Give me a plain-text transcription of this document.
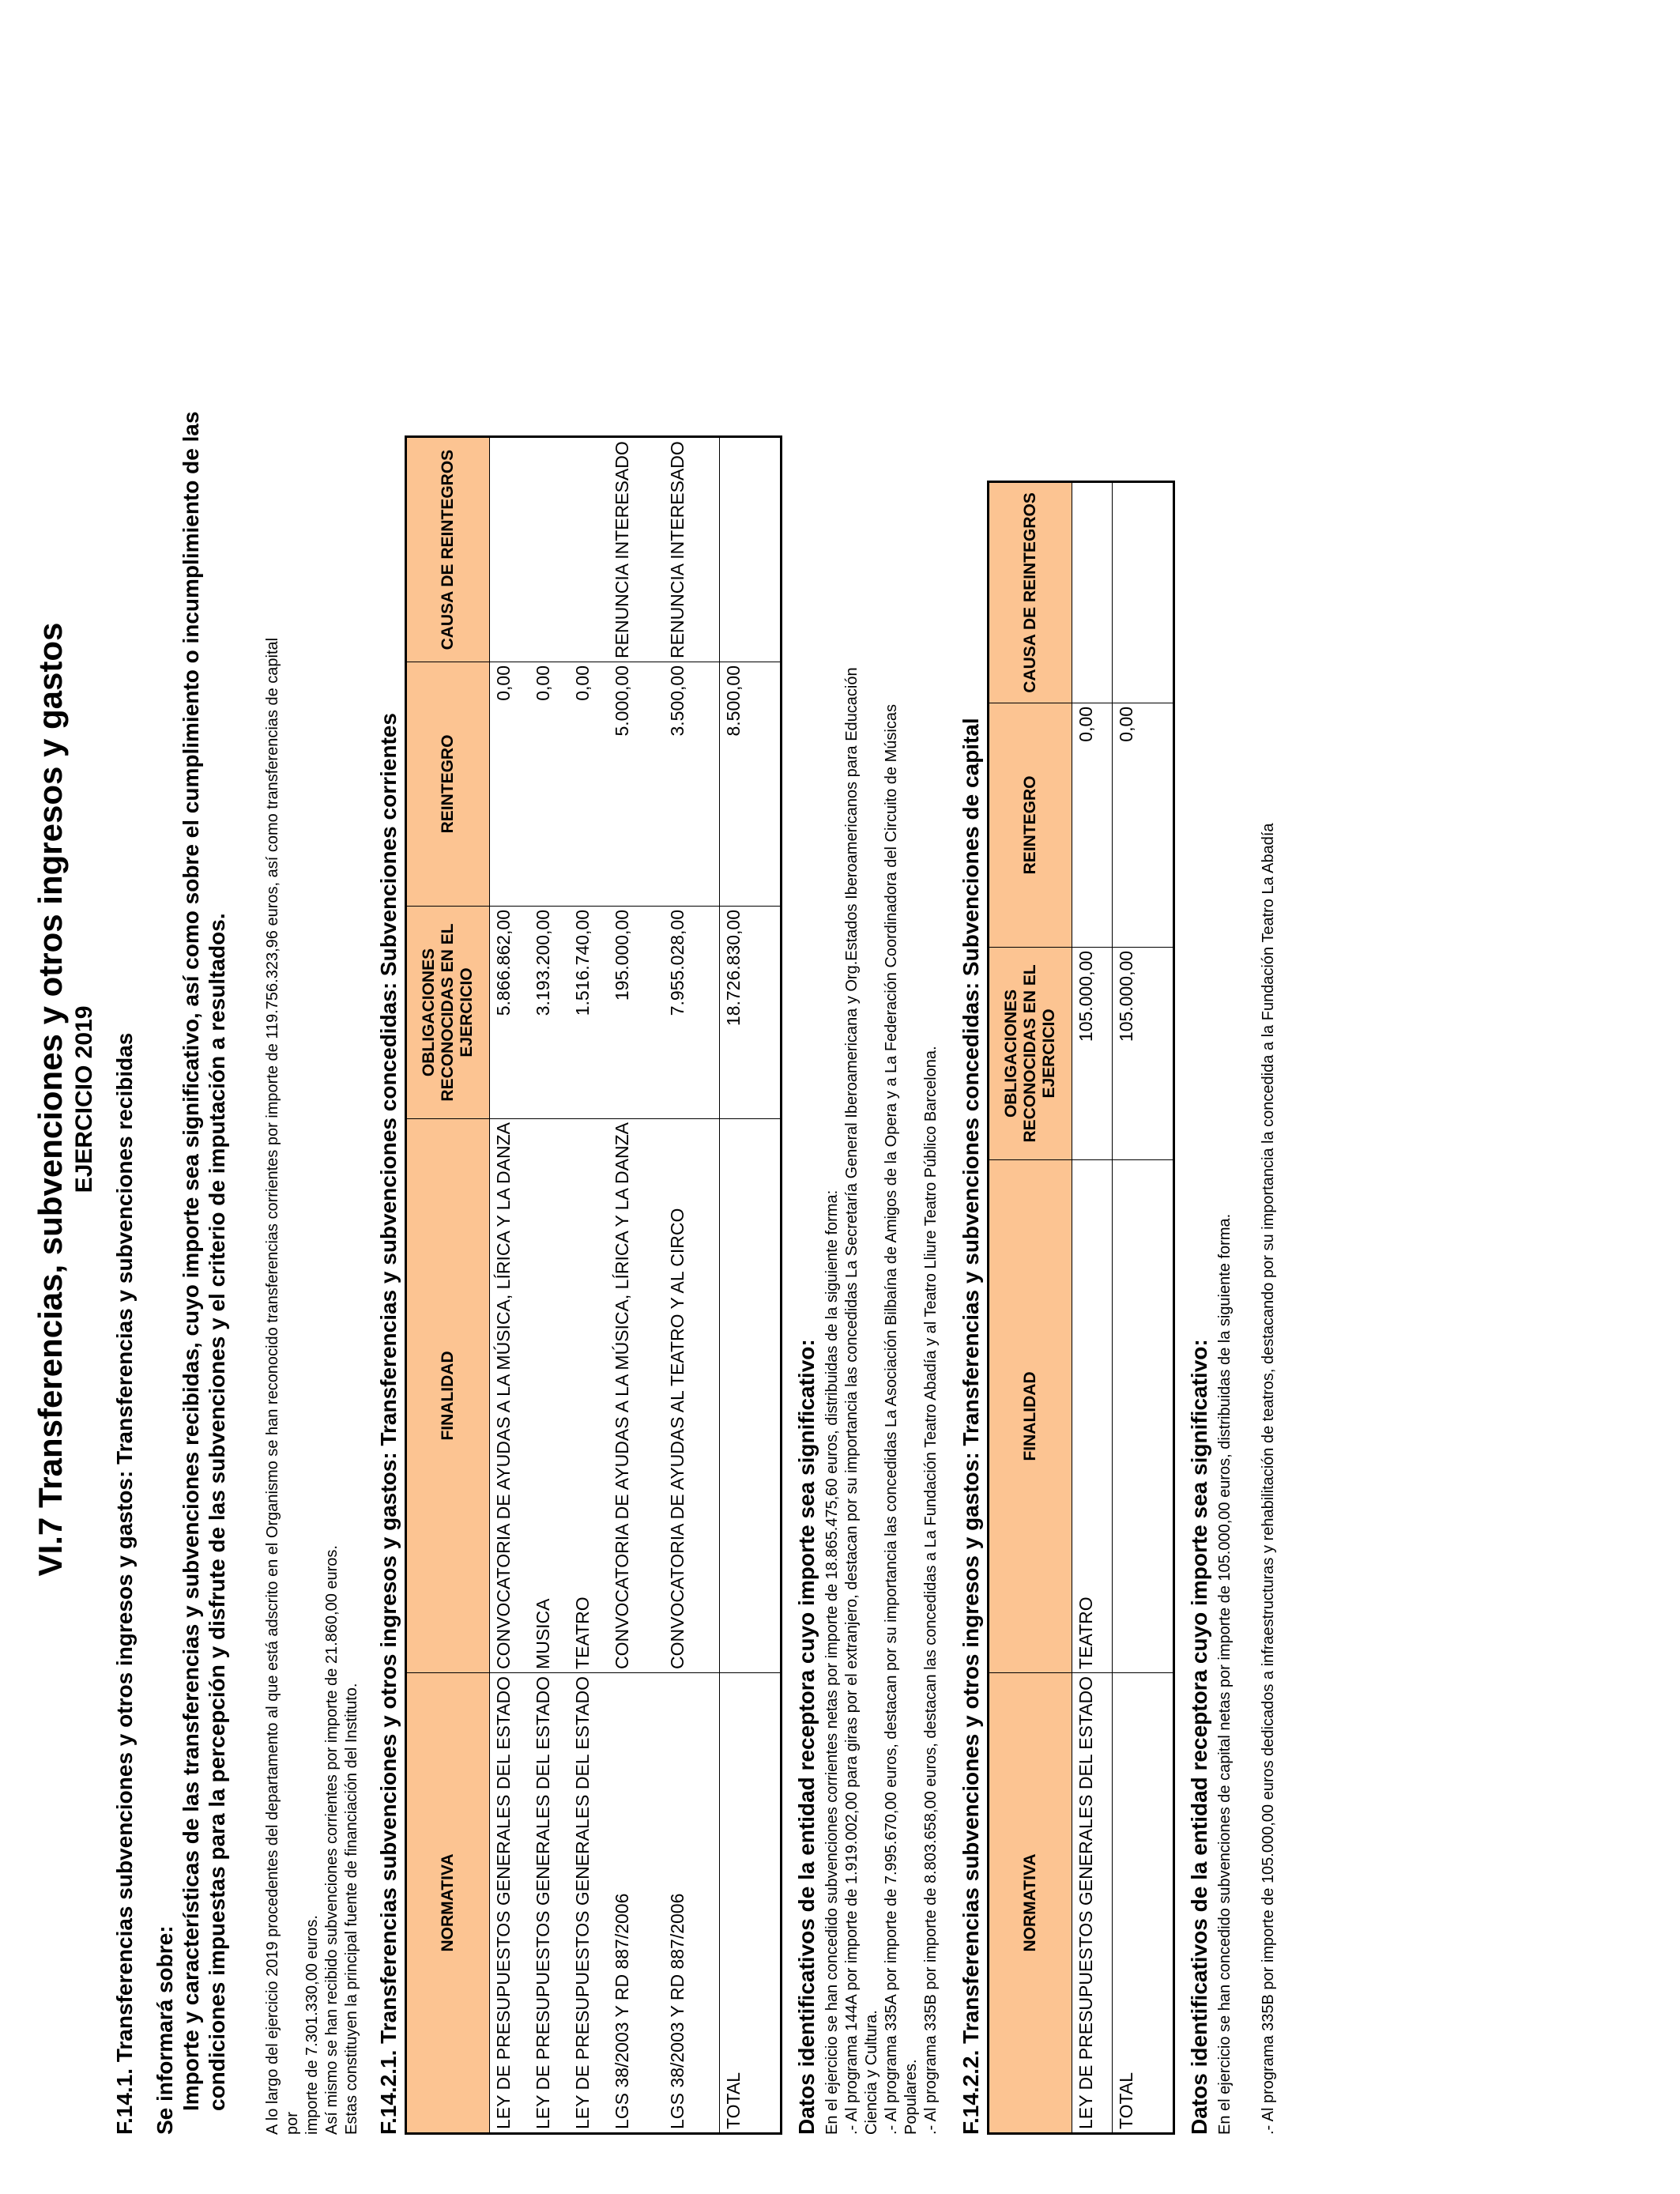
VI.7 Transferencias, subvenciones y otros ingresos y gastos EJERCICIO 2019 F.14.1. Transferencias subvenciones y otros ingresos y gastos: Transferencias y subvenciones recibidas Se informará sobre: Importe y características de las transferencias y subvenciones recibidas, cuyo importe sea significativo, así como sobre el cumplimiento o incumplimiento de las condiciones impuestas para la percepción y disfrute de las subvenciones y el criterio de imputación a resultados. A lo largo del ejercicio 2019 procedentes del departamento al que está adscrito en el Organismo se han reconocido transferencias corrientes por importe de 119.756.323,96 euros, así como transferencias de capital por importe de 7.301.330,00 euros. Así mismo se han recibido subvenciones corrientes por importe de 21.860,00 euros. Estas constituyen la principal fuente de financiación del Instituto. F.14.2.1. Transferencias subvenciones y otros ingresos y gastos: Transferencias y subvenciones concedidas: Subvenciones corrientes NORMATIVA	FINALIDAD	OBLIGACIONES RECONOCIDAS EN EL EJERCICIO	REINTEGRO	CAUSA DE REINTEGROS
LEY DE PRESUPUESTOS GENERALES DEL ESTADO	CONVOCATORIA DE AYUDAS A LA MÚSICA, LÍRICA Y LA DANZA	5.866.862,00	0,00	
LEY DE PRESUPUESTOS GENERALES DEL ESTADO	MUSICA	3.193.200,00	0,00	
LEY DE PRESUPUESTOS GENERALES DEL ESTADO	TEATRO	1.516.740,00	0,00	
LGS 38/2003 Y RD 887/2006	CONVOCATORIA DE AYUDAS A LA MÚSICA, LÍRICA Y LA DANZA	195.000,00	5.000,00	RENUNCIA INTERESADO
LGS 38/2003 Y RD 887/2006	CONVOCATORIA DE AYUDAS AL TEATRO Y AL CIRCO	7.955.028,00	3.500,00	RENUNCIA INTERESADO
TOTAL		18.726.830,00	8.500,00	

Datos identificativos de la entidad receptora cuyo importe sea significativo: En el ejercicio se han concedido subvenciones corrientes netas por importe de 18.865.475,60 euros, distribuidas de la siguiente forma: .- Al programa 144A por importe de 1.919.002,00 para giras por el extranjero, destacan por su importancia las concedidas La Secretaría General Iberoamericana y Org.Estados Iberoamericanos para Educación Ciencia y Cultura. .- Al programa 335A por importe de 7.995.670,00 euros, destacan por su importancia las concedidas La Asociación Bilbaína de Amigos de la Opera y a La Federación Coordinadora del Circuito de Músicas Populares. .- Al programa 335B por importe de 8.803.658,00 euros, destacan las concedidas a La Fundación Teatro Abadía y al Teatro Lliure Teatro Público Barcelona. F.14.2.2. Transferencias subvenciones y otros ingresos y gastos: Transferencias y subvenciones concedidas: Subvenciones de capital NORMATIVA	FINALIDAD	OBLIGACIONES RECONOCIDAS EN EL EJERCICIO	REINTEGRO	CAUSA DE REINTEGROS
LEY DE PRESUPUESTOS GENERALES DEL ESTADO	TEATRO	105.000,00	0,00	
TOTAL		105.000,00	0,00	

Datos identificativos de la entidad receptora cuyo importe sea significativo: En el ejercicio se han concedido subvenciones de capital netas por importe de 105.000,00 euros, distribuidas de la siguiente forma. .- Al programa 335B por importe de 105.000,00 euros dedicados a infraestructuras y rehabilitación de teatros, destacando por su importancia la concedida a la Fundación Teatro La Abadía
